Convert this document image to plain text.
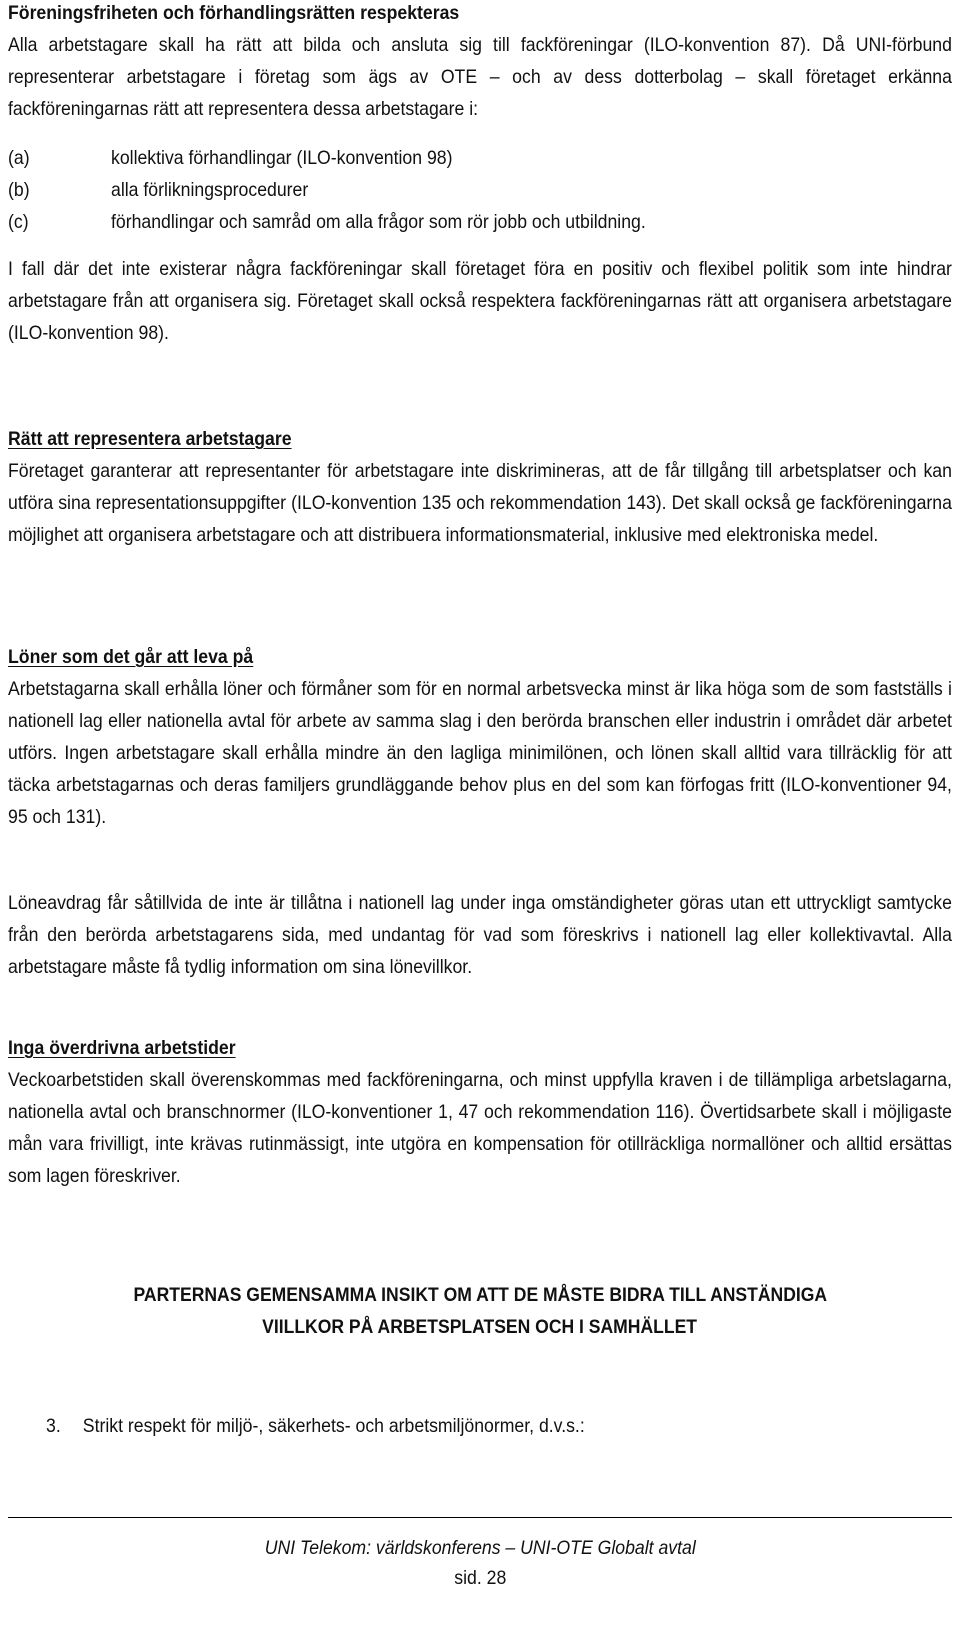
Föreningsfriheten och förhandlingsrätten respekteras

Alla arbetstagare skall ha rätt att bilda och ansluta sig till fackföreningar (ILO-konvention 87). Då UNI-förbund representerar arbetstagare i företag som ägs av OTE – och av dess dotterbolag – skall företaget erkänna fackföreningarnas rätt att representera dessa arbetstagare i:

(a)	kollektiva förhandlingar (ILO-konvention 98)
(b)	alla förlikningsprocedurer
(c)	förhandlingar och samråd om alla frågor som rör jobb och utbildning.

I fall där det inte existerar några fackföreningar skall företaget föra en positiv och flexibel politik som inte hindrar arbetstagare från att organisera sig. Företaget skall också respektera fackföreningarnas rätt att organisera arbetstagare (ILO-konvention 98).

Rätt att representera arbetstagare

Företaget garanterar att representanter för arbetstagare inte diskrimineras, att de får tillgång till arbetsplatser och kan utföra sina representationsuppgifter (ILO-konvention 135 och rekommendation 143). Det skall också ge fackföreningarna möjlighet att organisera arbetstagare och att distribuera informationsmaterial, inklusive med elektroniska medel.

Löner som det går att leva på

Arbetstagarna skall erhålla löner och förmåner som för en normal arbetsvecka minst är lika höga som de som fastställs i nationell lag eller nationella avtal för arbete av samma slag i den berörda branschen eller industrin i området där arbetet utförs. Ingen arbetstagare skall erhålla mindre än den lagliga minimilönen, och lönen skall alltid vara tillräcklig för att täcka arbetstagarnas och deras familjers grundläggande behov plus en del som kan förfogas fritt (ILO-konventioner 94, 95 och 131).

Löneavdrag får såtillvida de inte är tillåtna i nationell lag under inga omständigheter göras utan ett uttryckligt samtycke från den berörda arbetstagarens sida, med undantag för vad som föreskrivs i nationell lag eller kollektivavtal. Alla arbetstagare måste få tydlig information om sina lönevillkor.

Inga överdrivna arbetstider

Veckoarbetstiden skall överenskommas med fackföreningarna, och minst uppfylla kraven i de tillämpliga arbetslagarna, nationella avtal och branschnormer (ILO-konventioner 1, 47 och rekommendation 116). Övertidsarbete skall i möjligaste mån vara frivilligt, inte krävas rutinmässigt, inte utgöra en kompensation för otillräckliga normallöner och alltid ersättas som lagen föreskriver.

PARTERNAS GEMENSAMMA INSIKT OM ATT DE MÅSTE BIDRA TILL ANSTÄNDIGA
VIILLKOR PÅ ARBETSPLATSEN OCH I SAMHÄLLET
3. Strikt respekt för miljö-, säkerhets- och arbetsmiljönormer, d.v.s.:
UNI Telekom: världskonferens – UNI-OTE Globalt avtal
sid. 28
